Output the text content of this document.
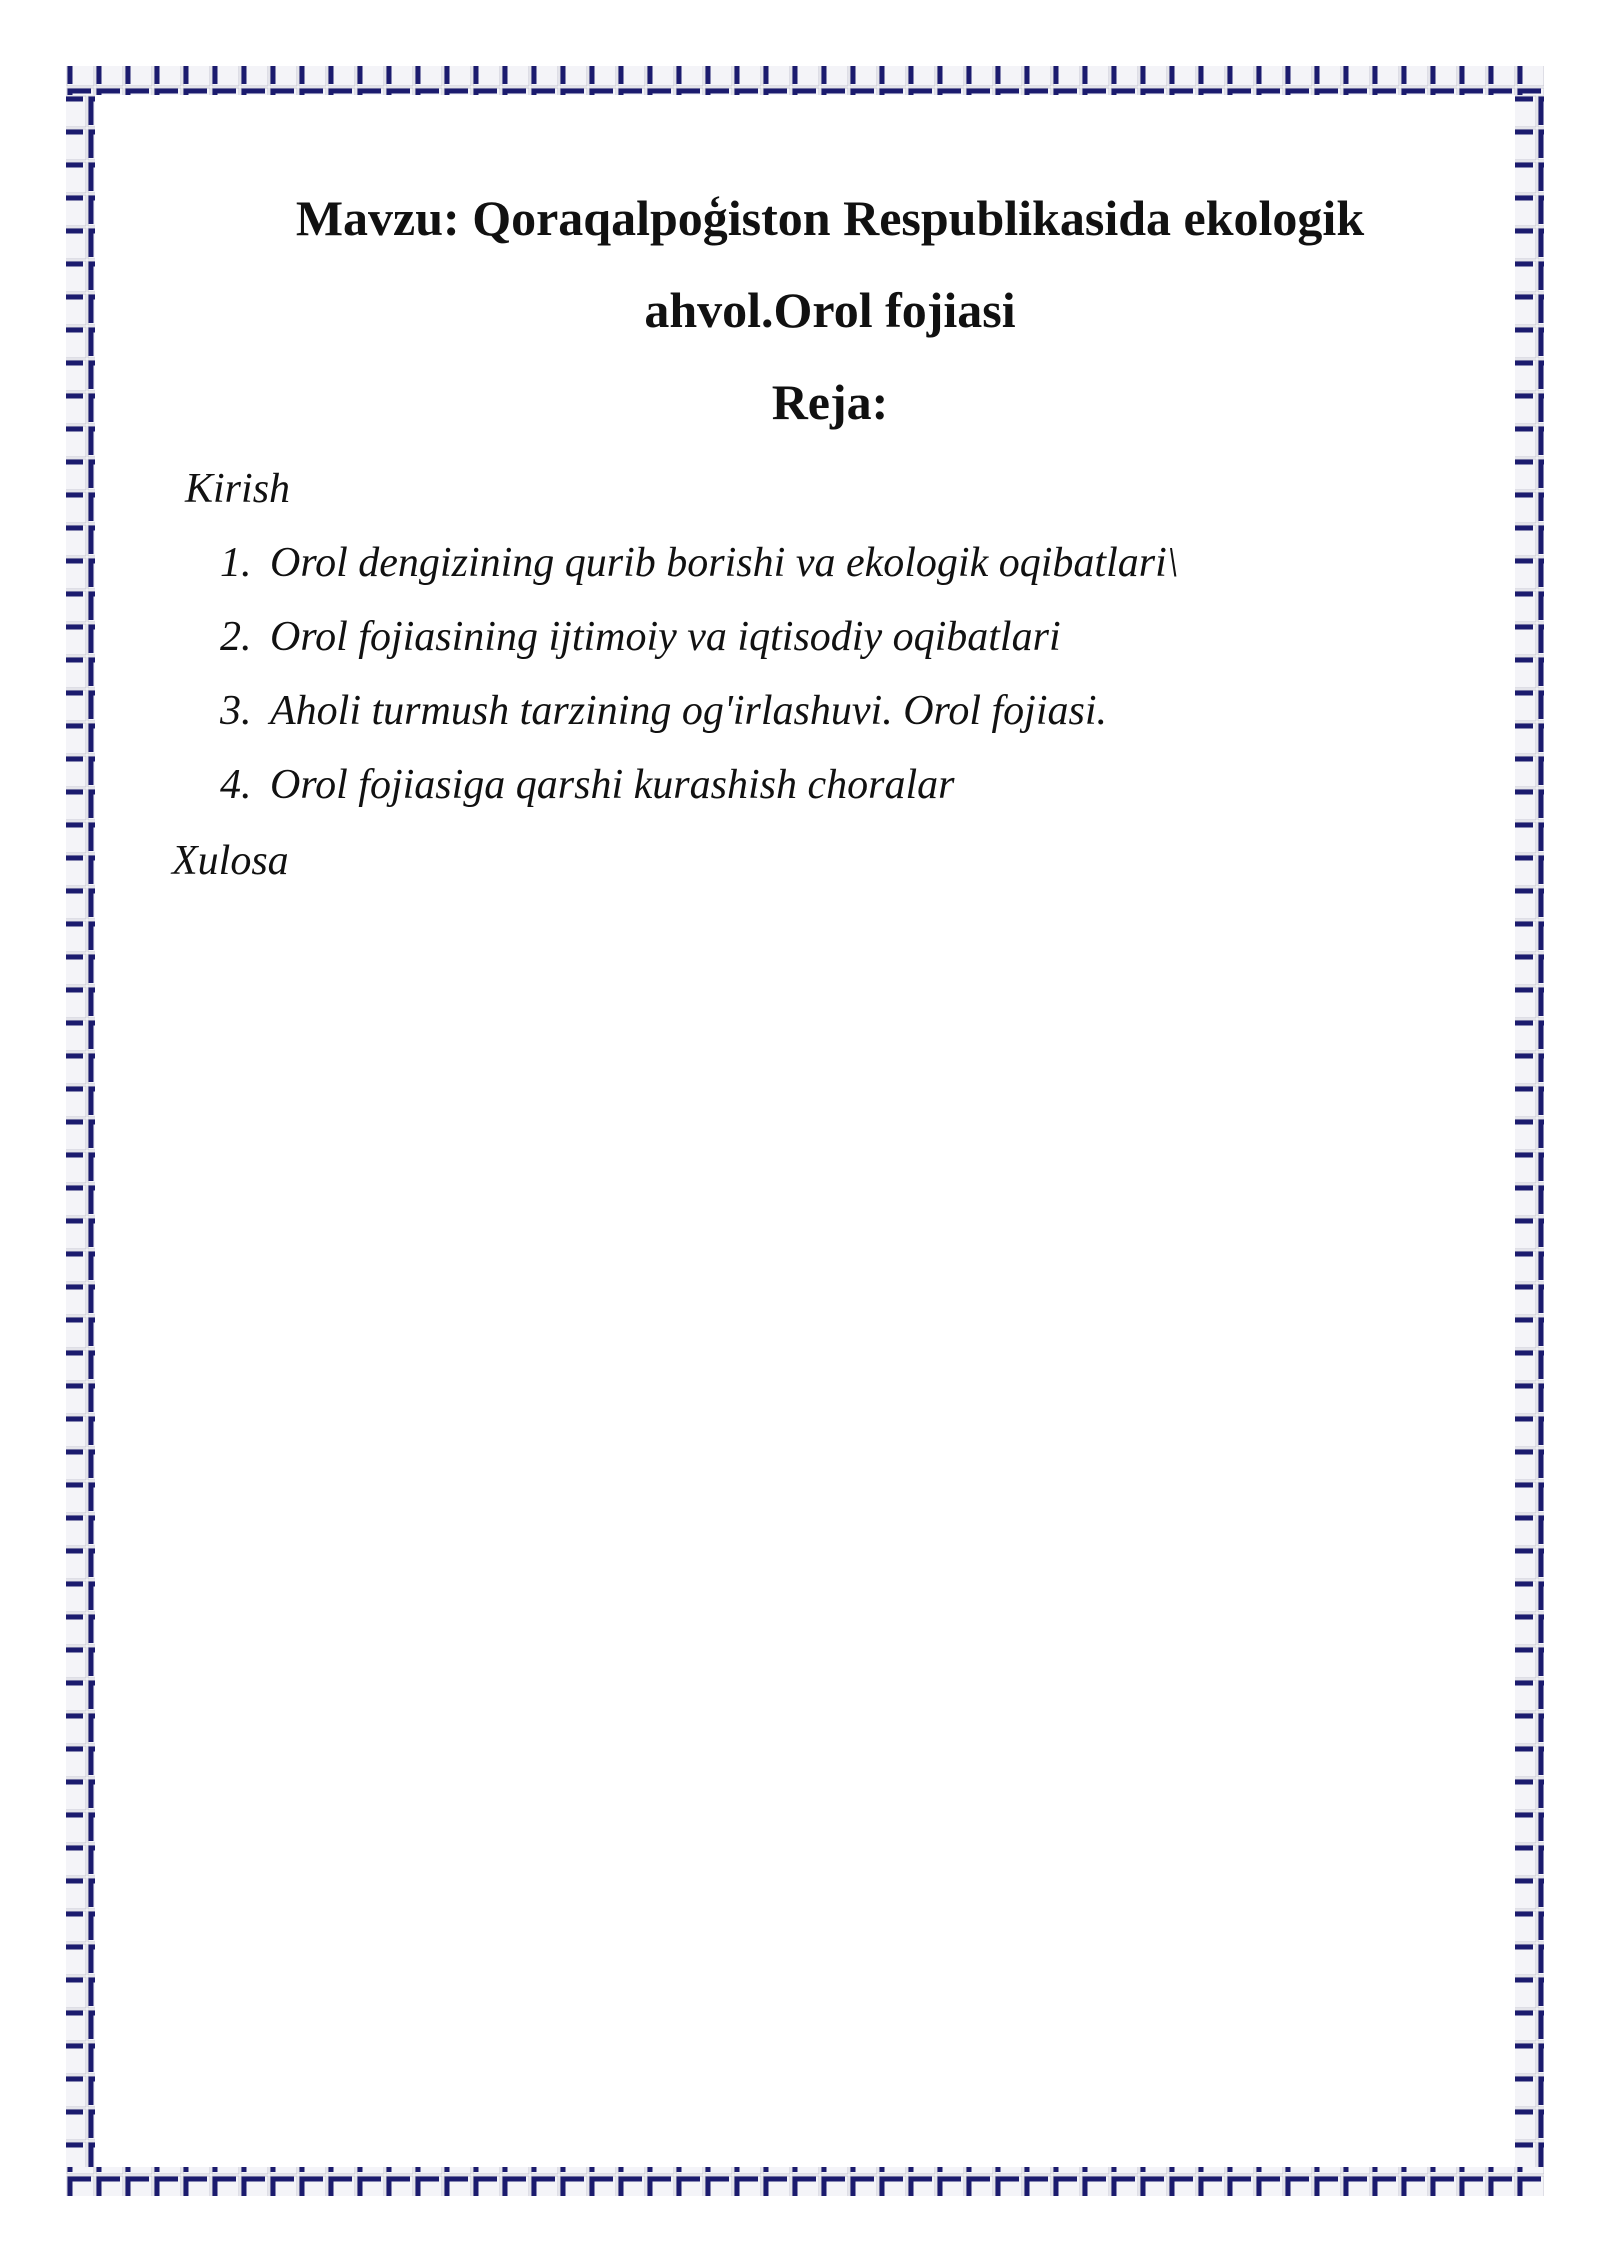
Mavzu: Qoraqalpoģiston Respublikasida ekologik
ahvol.Orol fojiasi
Reja:

Kirish

1. Orol dengizining qurib borishi va ekologik oqibatlari\
2. Orol fojiasining ijtimoiy va iqtisodiy oqibatlari
3. Aholi turmush tarzining og'irlashuvi. Orol fojiasi.
4. Orol fojiasiga qarshi kurashish choralar

Xulosa
